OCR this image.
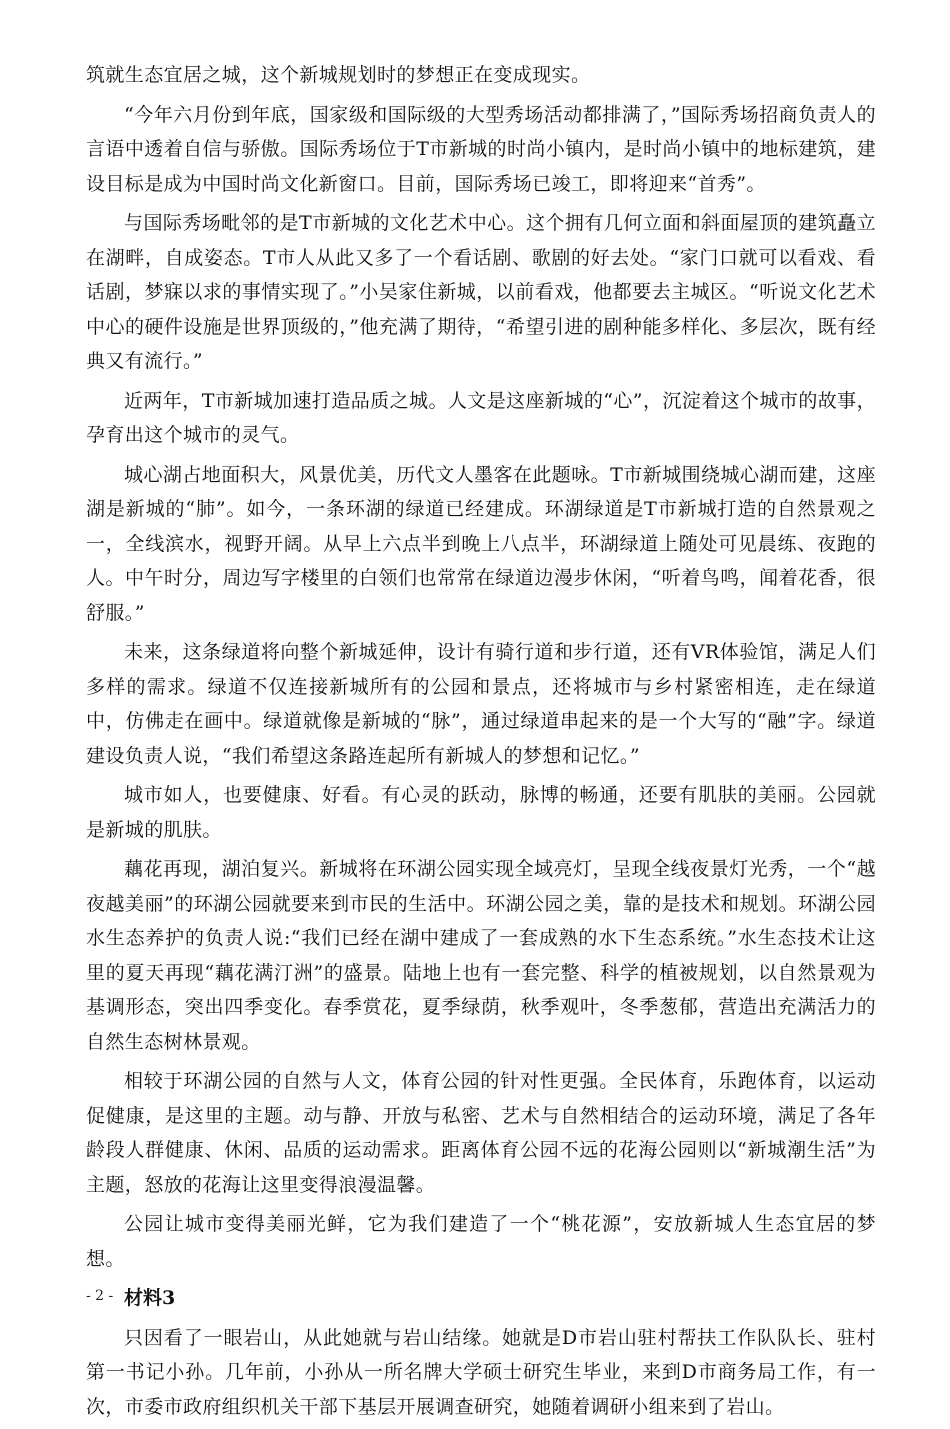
筑就生态宜居之城，这个新城规划时的梦想正在变成现实。

“今年六月份到年底，国家级和国际级的大型秀场活动都排满了，”国际秀场招商负责人的言语中透着自信与骄傲。国际秀场位于T市新城的时尚小镇内，是时尚小镇中的地标建筑，建设目标是成为中国时尚文化新窗口。目前，国际秀场已竣工，即将迎来“首秀”。

与国际秀场毗邻的是T市新城的文化艺术中心。这个拥有几何立面和斜面屋顶的建筑矗立在湖畔，自成姿态。T市人从此又多了一个看话剧、歌剧的好去处。“家门口就可以看戏、看话剧，梦寐以求的事情实现了。”小吴家住新城，以前看戏，他都要去主城区。“听说文化艺术中心的硬件设施是世界顶级的，”他充满了期待，“希望引进的剧种能多样化、多层次，既有经典又有流行。”

近两年，T市新城加速打造品质之城。人文是这座新城的“心”，沉淀着这个城市的故事，孕育出这个城市的灵气。

城心湖占地面积大，风景优美，历代文人墨客在此题咏。T市新城围绕城心湖而建，这座湖是新城的“肺”。如今，一条环湖的绿道已经建成。环湖绿道是T市新城打造的自然景观之一，全线滨水，视野开阔。从早上六点半到晚上八点半，环湖绿道上随处可见晨练、夜跑的人。中午时分，周边写字楼里的白领们也常常在绿道边漫步休闲，“听着鸟鸣，闻着花香，很舒服。”

未来，这条绿道将向整个新城延伸，设计有骑行道和步行道，还有VR体验馆，满足人们多样的需求。绿道不仅连接新城所有的公园和景点，还将城市与乡村紧密相连，走在绿道中，仿佛走在画中。绿道就像是新城的“脉”，通过绿道串起来的是一个大写的“融”字。绿道建设负责人说，“我们希望这条路连起所有新城人的梦想和记忆。”

城市如人，也要健康、好看。有心灵的跃动，脉博的畅通，还要有肌肤的美丽。公园就是新城的肌肤。

藕花再现，湖泊复兴。新城将在环湖公园实现全域亮灯，呈现全线夜景灯光秀，一个“越夜越美丽”的环湖公园就要来到市民的生活中。环湖公园之美，靠的是技术和规划。环湖公园水生态养护的负责人说:“我们已经在湖中建成了一套成熟的水下生态系统。”水生态技术让这里的夏天再现“藕花满汀洲”的盛景。陆地上也有一套完整、科学的植被规划，以自然景观为基调形态，突出四季变化。春季赏花，夏季绿荫，秋季观叶，冬季葱郁，营造出充满活力的自然生态树林景观。

相较于环湖公园的自然与人文，体育公园的针对性更强。全民体育，乐跑体育，以运动促健康，是这里的主题。动与静、开放与私密、艺术与自然相结合的运动环境，满足了各年龄段人群健康、休闲、品质的运动需求。距离体育公园不远的花海公园则以“新城潮生活”为主题，怒放的花海让这里变得浪漫温馨。

公园让城市变得美丽光鲜，它为我们建造了一个“桃花源”，安放新城人生态宜居的梦想。

材料3

只因看了一眼岩山，从此她就与岩山结缘。她就是D市岩山驻村帮扶工作队队长、驻村第一书记小孙。几年前，小孙从一所名牌大学硕士研究生毕业，来到D市商务局工作，有一次，市委市政府组织机关干部下基层开展调查研究，她随着调研小组来到了岩山。

- 2 -
